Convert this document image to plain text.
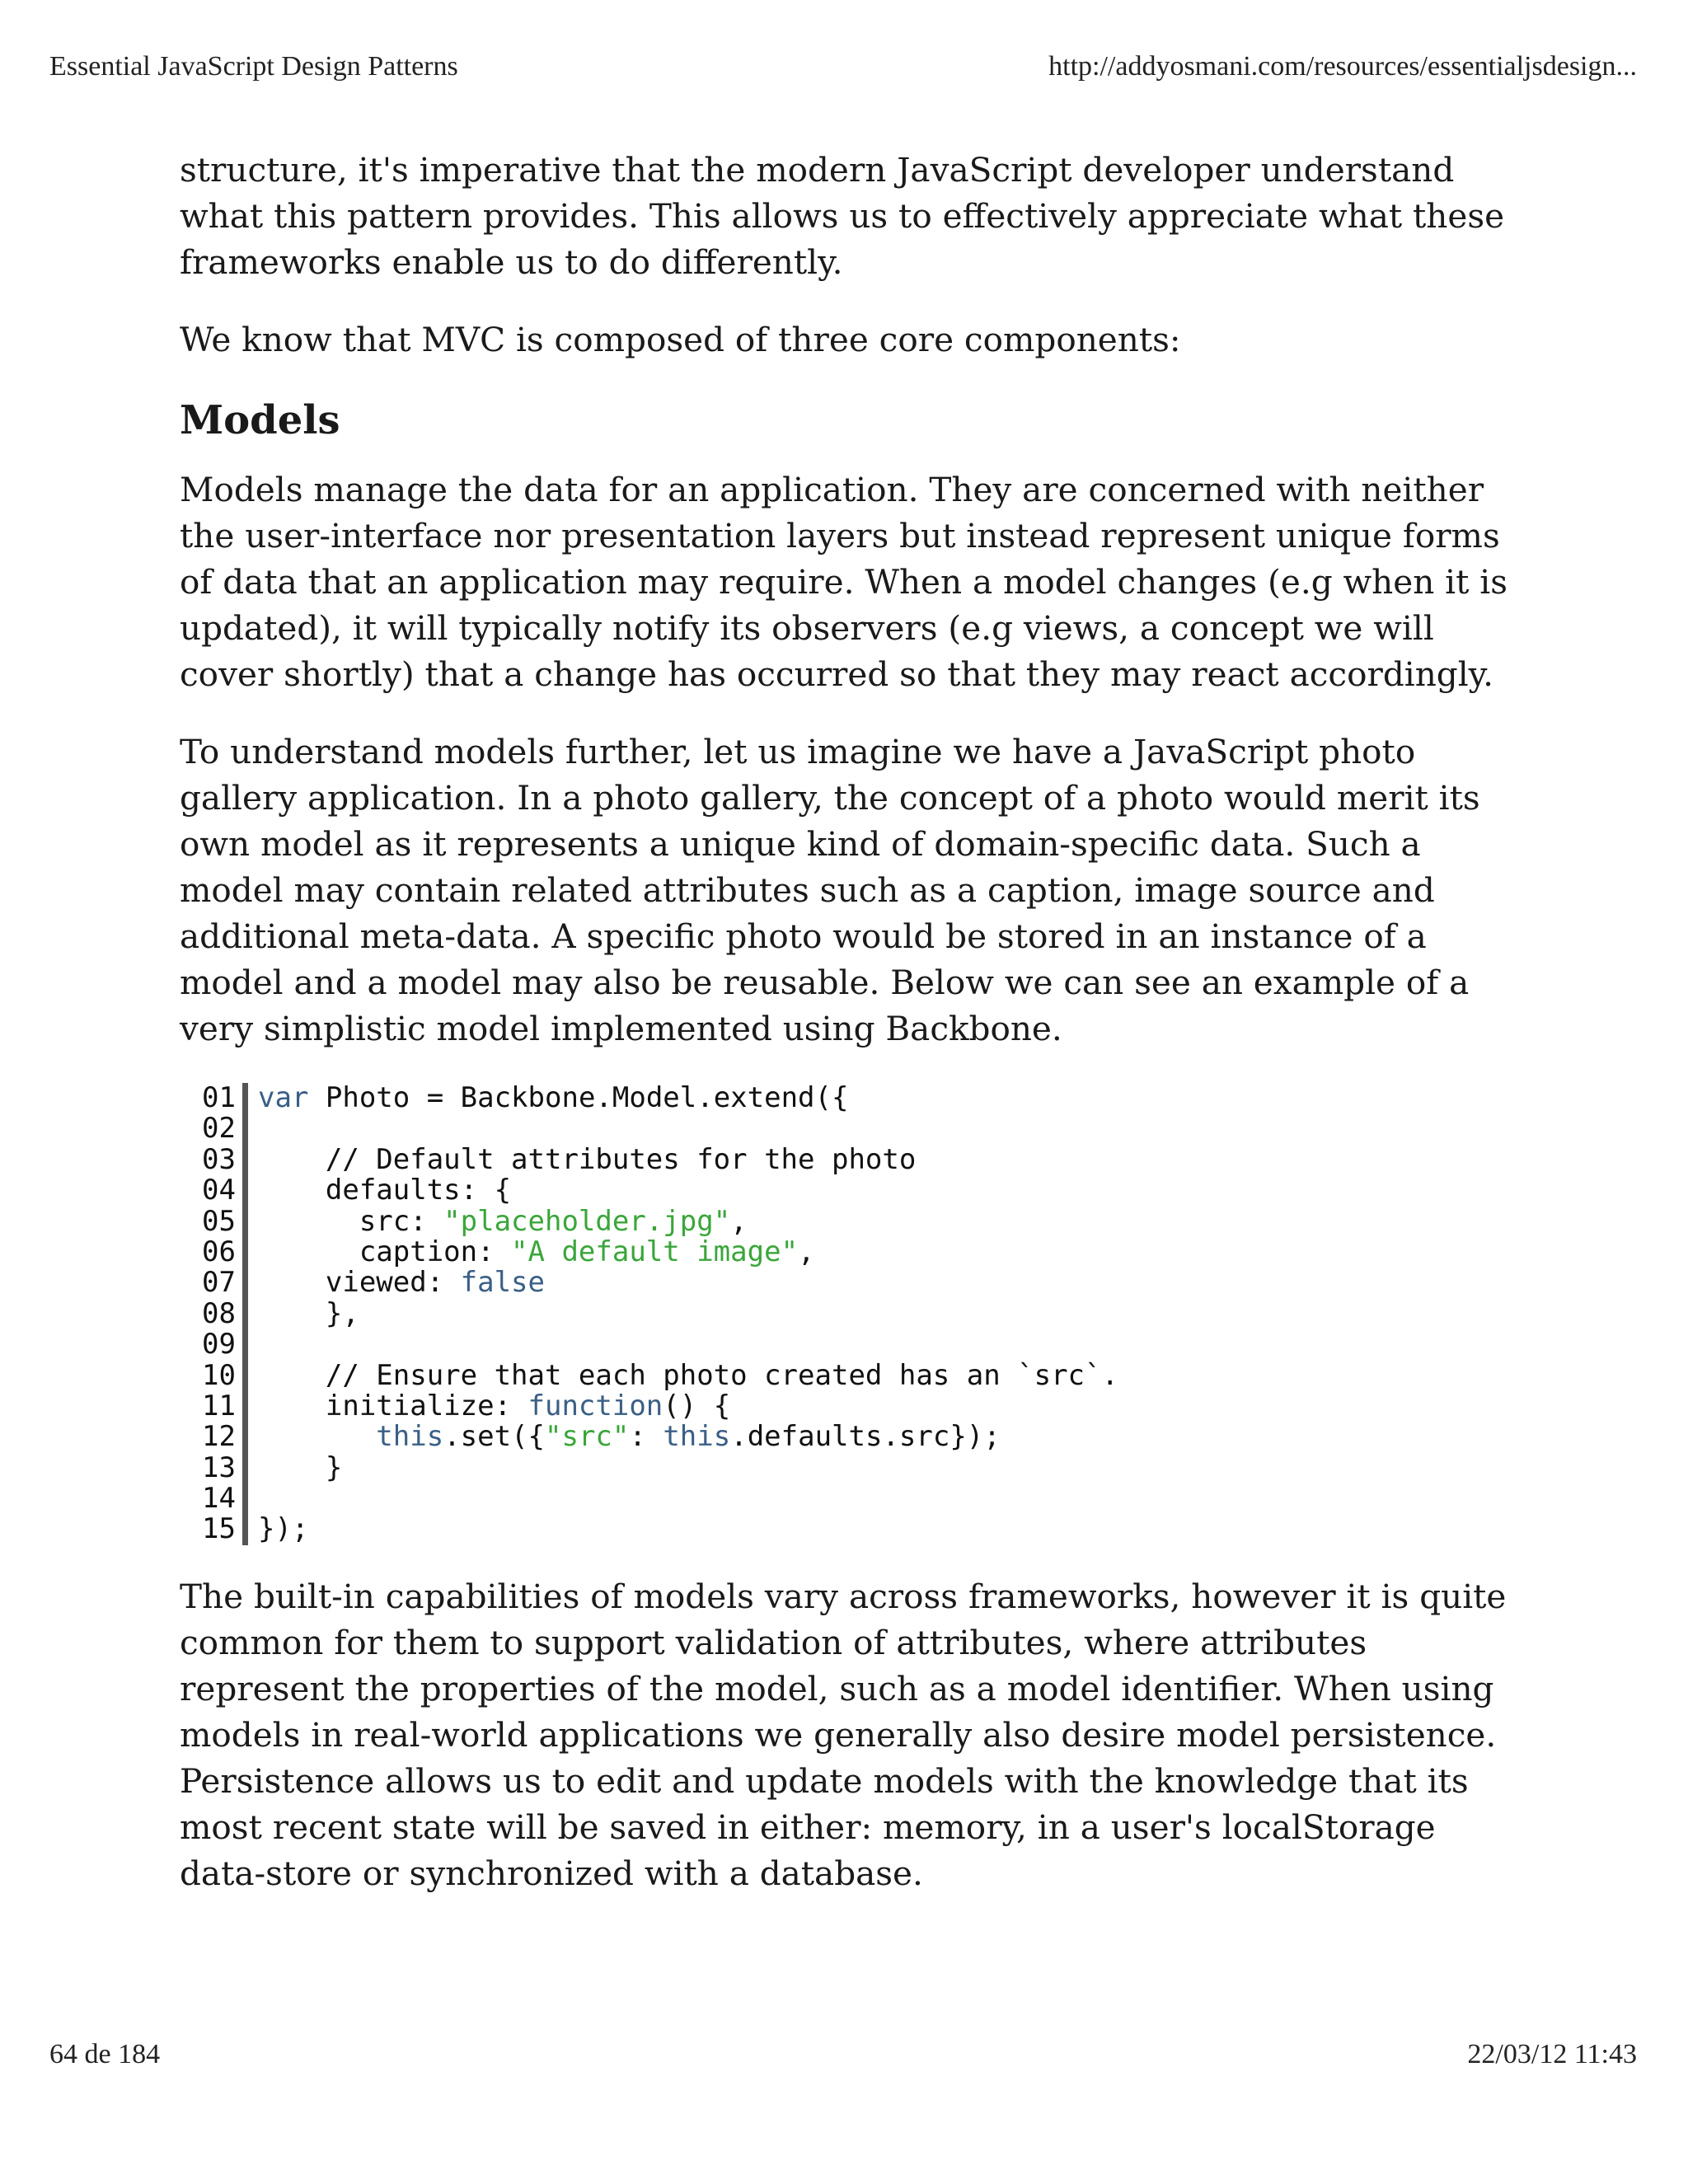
Essential JavaScript Design Patterns	http://addyosmani.com/resources/essentialjsdesign...

structure, it's imperative that the modern JavaScript developer understand what this pattern provides. This allows us to effectively appreciate what these frameworks enable us to do differently.

We know that MVC is composed of three core components:

Models

Models manage the data for an application. They are concerned with neither the user-interface nor presentation layers but instead represent unique forms of data that an application may require. When a model changes (e.g when it is updated), it will typically notify its observers (e.g views, a concept we will cover shortly) that a change has occurred so that they may react accordingly.

To understand models further, let us imagine we have a JavaScript photo gallery application. In a photo gallery, the concept of a photo would merit its own model as it represents a unique kind of domain-specific data. Such a model may contain related attributes such as a caption, image source and additional meta-data. A specific photo would be stored in an instance of a model and a model may also be reusable. Below we can see an example of a very simplistic model implemented using Backbone.

01
02
03
04
05
06
07
08
09
10
11
12
13
14
15
var Photo = Backbone.Model.extend({
// Default attributes for the photo
defaults: {
src: "placeholder.jpg",
caption: "A default image",
viewed: false
},
// Ensure that each photo created has an `src`.
initialize: function() {
this.set({"src": this.defaults.src});
}
});

The built-in capabilities of models vary across frameworks, however it is quite common for them to support validation of attributes, where attributes represent the properties of the model, such as a model identifier. When using models in real-world applications we generally also desire model persistence. Persistence allows us to edit and update models with the knowledge that its most recent state will be saved in either: memory, in a user's localStorage data-store or synchronized with a database.

64 de 184	22/03/12 11:43
